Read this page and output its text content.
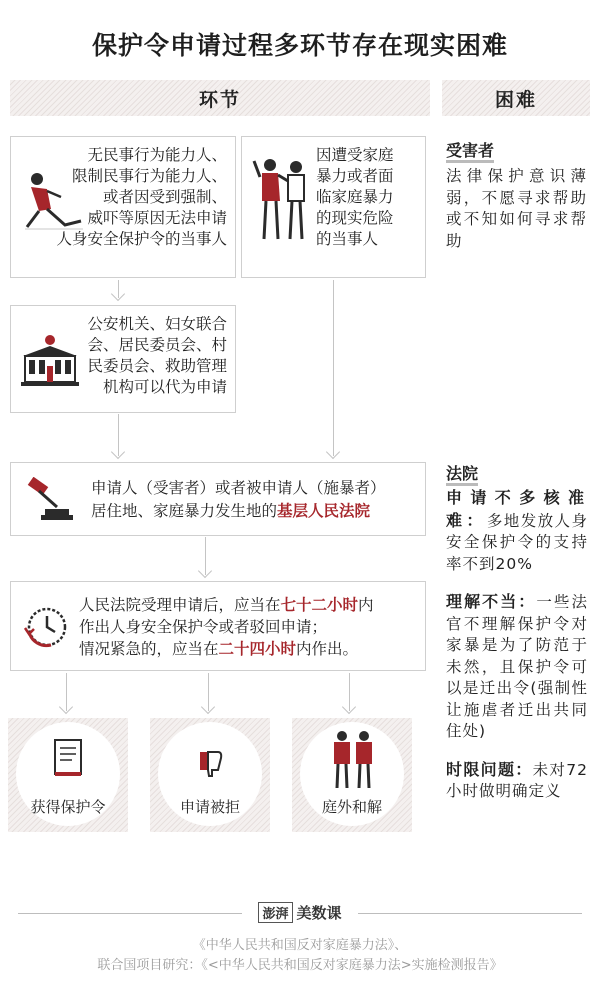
保护令申请过程多环节存在现实困难
环节	困难
无民事行为能力人、
限制民事行为能力人、
或者因受到强制、
威吓等原因无法申请
人身安全保护令的当事人
因遭受家庭
暴力或者面
临家庭暴力
的现实危险
的当事人
公安机关、妇女联合
会、居民委员会、村
民委员会、救助管理
机构可以代为申请
申请人（受害者）或者被申请人（施暴者）
居住地、家庭暴力发生地的基层人民法院
人民法院受理申请后，应当在七十二小时内
作出人身安全保护令或者驳回申请；
情况紧急的，应当在二十四小时内作出。
获得保护令	申请被拒	庭外和解
受害者
法律保护意识薄弱，不愿寻求帮助或不知如何寻求帮助
法院
申请不多核准难：多地发放人身安全保护令的支持率不到20%
理解不当：一些法官不理解保护令对家暴是为了防范于未然，且保护令可以是迁出令(强制性让施虐者迁出共同住处)
时限问题：未对72小时做明确定义
澎湃 美数课
《中华人民共和国反对家庭暴力法》、
联合国项目研究：《<中华人民共和国反对家庭暴力法>实施检测报告》
